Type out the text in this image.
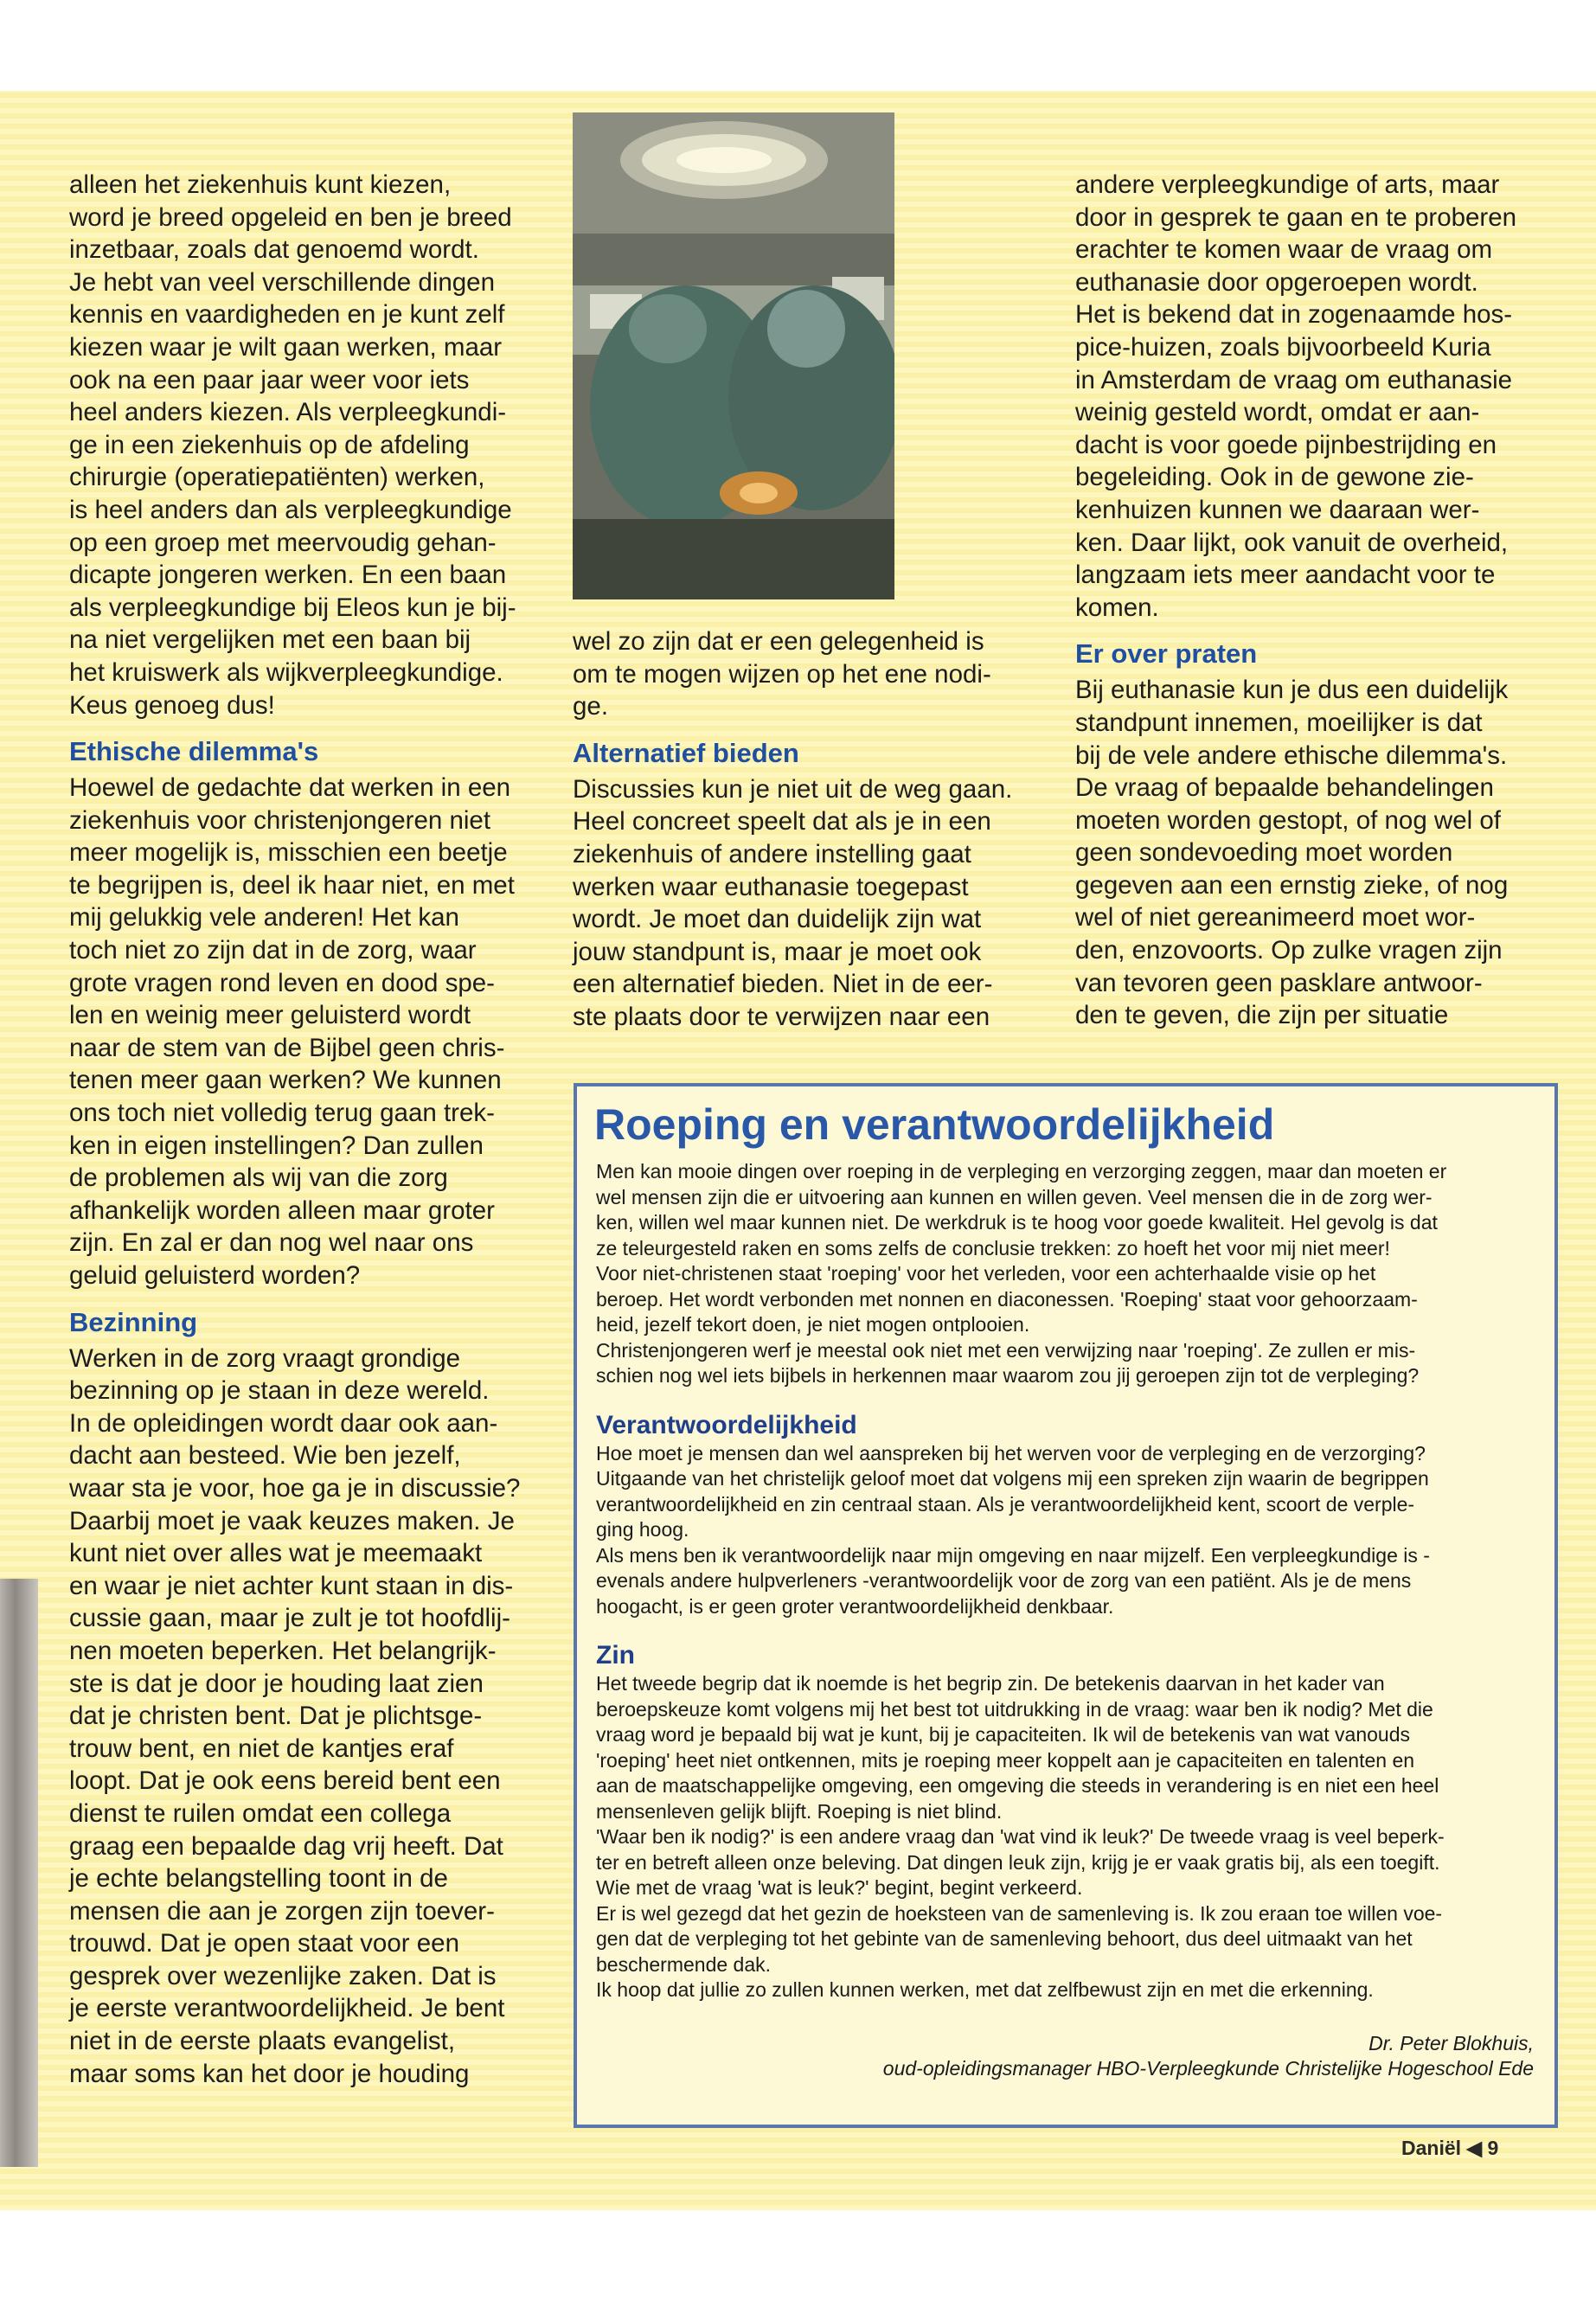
alleen het ziekenhuis kunt kiezen,
word je breed opgeleid en ben je breed
inzetbaar, zoals dat genoemd wordt.
Je hebt van veel verschillende dingen
kennis en vaardigheden en je kunt zelf
kiezen waar je wilt gaan werken, maar
ook na een paar jaar weer voor iets
heel anders kiezen. Als verpleegkundi-
ge in een ziekenhuis op de afdeling
chirurgie (operatiepatiënten) werken,
is heel anders dan als verpleegkundige
op een groep met meervoudig gehan-
dicapte jongeren werken. En een baan
als verpleegkundige bij Eleos kun je bij-
na niet vergelijken met een baan bij
het kruiswerk als wijkverpleegkundige.
Keus genoeg dus!

Ethische dilemma's

Hoewel de gedachte dat werken in een
ziekenhuis voor christenjongeren niet
meer mogelijk is, misschien een beetje
te begrijpen is, deel ik haar niet, en met
mij gelukkig vele anderen! Het kan
toch niet zo zijn dat in de zorg, waar
grote vragen rond leven en dood spe-
len en weinig meer geluisterd wordt
naar de stem van de Bijbel geen chris-
tenen meer gaan werken? We kunnen
ons toch niet volledig terug gaan trek-
ken in eigen instellingen? Dan zullen
de problemen als wij van die zorg
afhankelijk worden alleen maar groter
zijn. En zal er dan nog wel naar ons
geluid geluisterd worden?

Bezinning

Werken in de zorg vraagt grondige
bezinning op je staan in deze wereld.
In de opleidingen wordt daar ook aan-
dacht aan besteed. Wie ben jezelf,
waar sta je voor, hoe ga je in discussie?
Daarbij moet je vaak keuzes maken. Je
kunt niet over alles wat je meemaakt
en waar je niet achter kunt staan in dis-
cussie gaan, maar je zult je tot hoofdlij-
nen moeten beperken. Het belangrijk-
ste is dat je door je houding laat zien
dat je christen bent. Dat je plichtsge-
trouw bent, en niet de kantjes eraf
loopt. Dat je ook eens bereid bent een
dienst te ruilen omdat een collega
graag een bepaalde dag vrij heeft. Dat
je echte belangstelling toont in de
mensen die aan je zorgen zijn toever-
trouwd. Dat je open staat voor een
gesprek over wezenlijke zaken. Dat is
je eerste verantwoordelijkheid. Je bent
niet in de eerste plaats evangelist,
maar soms kan het door je houding

wel zo zijn dat er een gelegenheid is
om te mogen wijzen op het ene nodi-
ge.

Alternatief bieden

Discussies kun je niet uit de weg gaan.
Heel concreet speelt dat als je in een
ziekenhuis of andere instelling gaat
werken waar euthanasie toegepast
wordt. Je moet dan duidelijk zijn wat
jouw standpunt is, maar je moet ook
een alternatief bieden. Niet in de eer-
ste plaats door te verwijzen naar een

andere verpleegkundige of arts, maar
door in gesprek te gaan en te proberen
erachter te komen waar de vraag om
euthanasie door opgeroepen wordt.
Het is bekend dat in zogenaamde hos-
pice-huizen, zoals bijvoorbeeld Kuria
in Amsterdam de vraag om euthanasie
weinig gesteld wordt, omdat er aan-
dacht is voor goede pijnbestrijding en
begeleiding. Ook in de gewone zie-
kenhuizen kunnen we daaraan wer-
ken. Daar lijkt, ook vanuit de overheid,
langzaam iets meer aandacht voor te
komen.

Er over praten

Bij euthanasie kun je dus een duidelijk
standpunt innemen, moeilijker is dat
bij de vele andere ethische dilemma's.
De vraag of bepaalde behandelingen
moeten worden gestopt, of nog wel of
geen sondevoeding moet worden
gegeven aan een ernstig zieke, of nog
wel of niet gereanimeerd moet wor-
den, enzovoorts. Op zulke vragen zijn
van tevoren geen pasklare antwoor-
den te geven, die zijn per situatie

Roeping en verantwoordelijkheid

Men kan mooie dingen over roeping in de verpleging en verzorging zeggen, maar dan moeten er
wel mensen zijn die er uitvoering aan kunnen en willen geven. Veel mensen die in de zorg wer-
ken, willen wel maar kunnen niet. De werkdruk is te hoog voor goede kwaliteit. Hel gevolg is dat
ze teleurgesteld raken en soms zelfs de conclusie trekken: zo hoeft het voor mij niet meer!
Voor niet-christenen staat 'roeping' voor het verleden, voor een achterhaalde visie op het
beroep. Het wordt verbonden met nonnen en diaconessen. 'Roeping' staat voor gehoorzaam-
heid, jezelf tekort doen, je niet mogen ontplooien.
Christenjongeren werf je meestal ook niet met een verwijzing naar 'roeping'. Ze zullen er mis-
schien nog wel iets bijbels in herkennen maar waarom zou jij geroepen zijn tot de verpleging?

Verantwoordelijkheid

Hoe moet je mensen dan wel aanspreken bij het werven voor de verpleging en de verzorging?
Uitgaande van het christelijk geloof moet dat volgens mij een spreken zijn waarin de begrippen
verantwoordelijkheid en zin centraal staan. Als je verantwoordelijkheid kent, scoort de verple-
ging hoog.
Als mens ben ik verantwoordelijk naar mijn omgeving en naar mijzelf. Een verpleegkundige is -
evenals andere hulpverleners -verantwoordelijk voor de zorg van een patiënt. Als je de mens
hoogacht, is er geen groter verantwoordelijkheid denkbaar.

Zin

Het tweede begrip dat ik noemde is het begrip zin. De betekenis daarvan in het kader van
beroepskeuze komt volgens mij het best tot uitdrukking in de vraag: waar ben ik nodig? Met die
vraag word je bepaald bij wat je kunt, bij je capaciteiten. Ik wil de betekenis van wat vanouds
'roeping' heet niet ontkennen, mits je roeping meer koppelt aan je capaciteiten en talenten en
aan de maatschappelijke omgeving, een omgeving die steeds in verandering is en niet een heel
mensenleven gelijk blijft. Roeping is niet blind.
'Waar ben ik nodig?' is een andere vraag dan 'wat vind ik leuk?' De tweede vraag is veel beperk-
ter en betreft alleen onze beleving. Dat dingen leuk zijn, krijg je er vaak gratis bij, als een toegift.
Wie met de vraag 'wat is leuk?' begint, begint verkeerd.
Er is wel gezegd dat het gezin de hoeksteen van de samenleving is. Ik zou eraan toe willen voe-
gen dat de verpleging tot het gebinte van de samenleving behoort, dus deel uitmaakt van het
beschermende dak.
Ik hoop dat jullie zo zullen kunnen werken, met dat zelfbewust zijn en met die erkenning.

Dr. Peter Blokhuis,
oud-opleidingsmanager HBO-Verpleegkunde Christelijke Hogeschool Ede
Daniël ◀ 9
